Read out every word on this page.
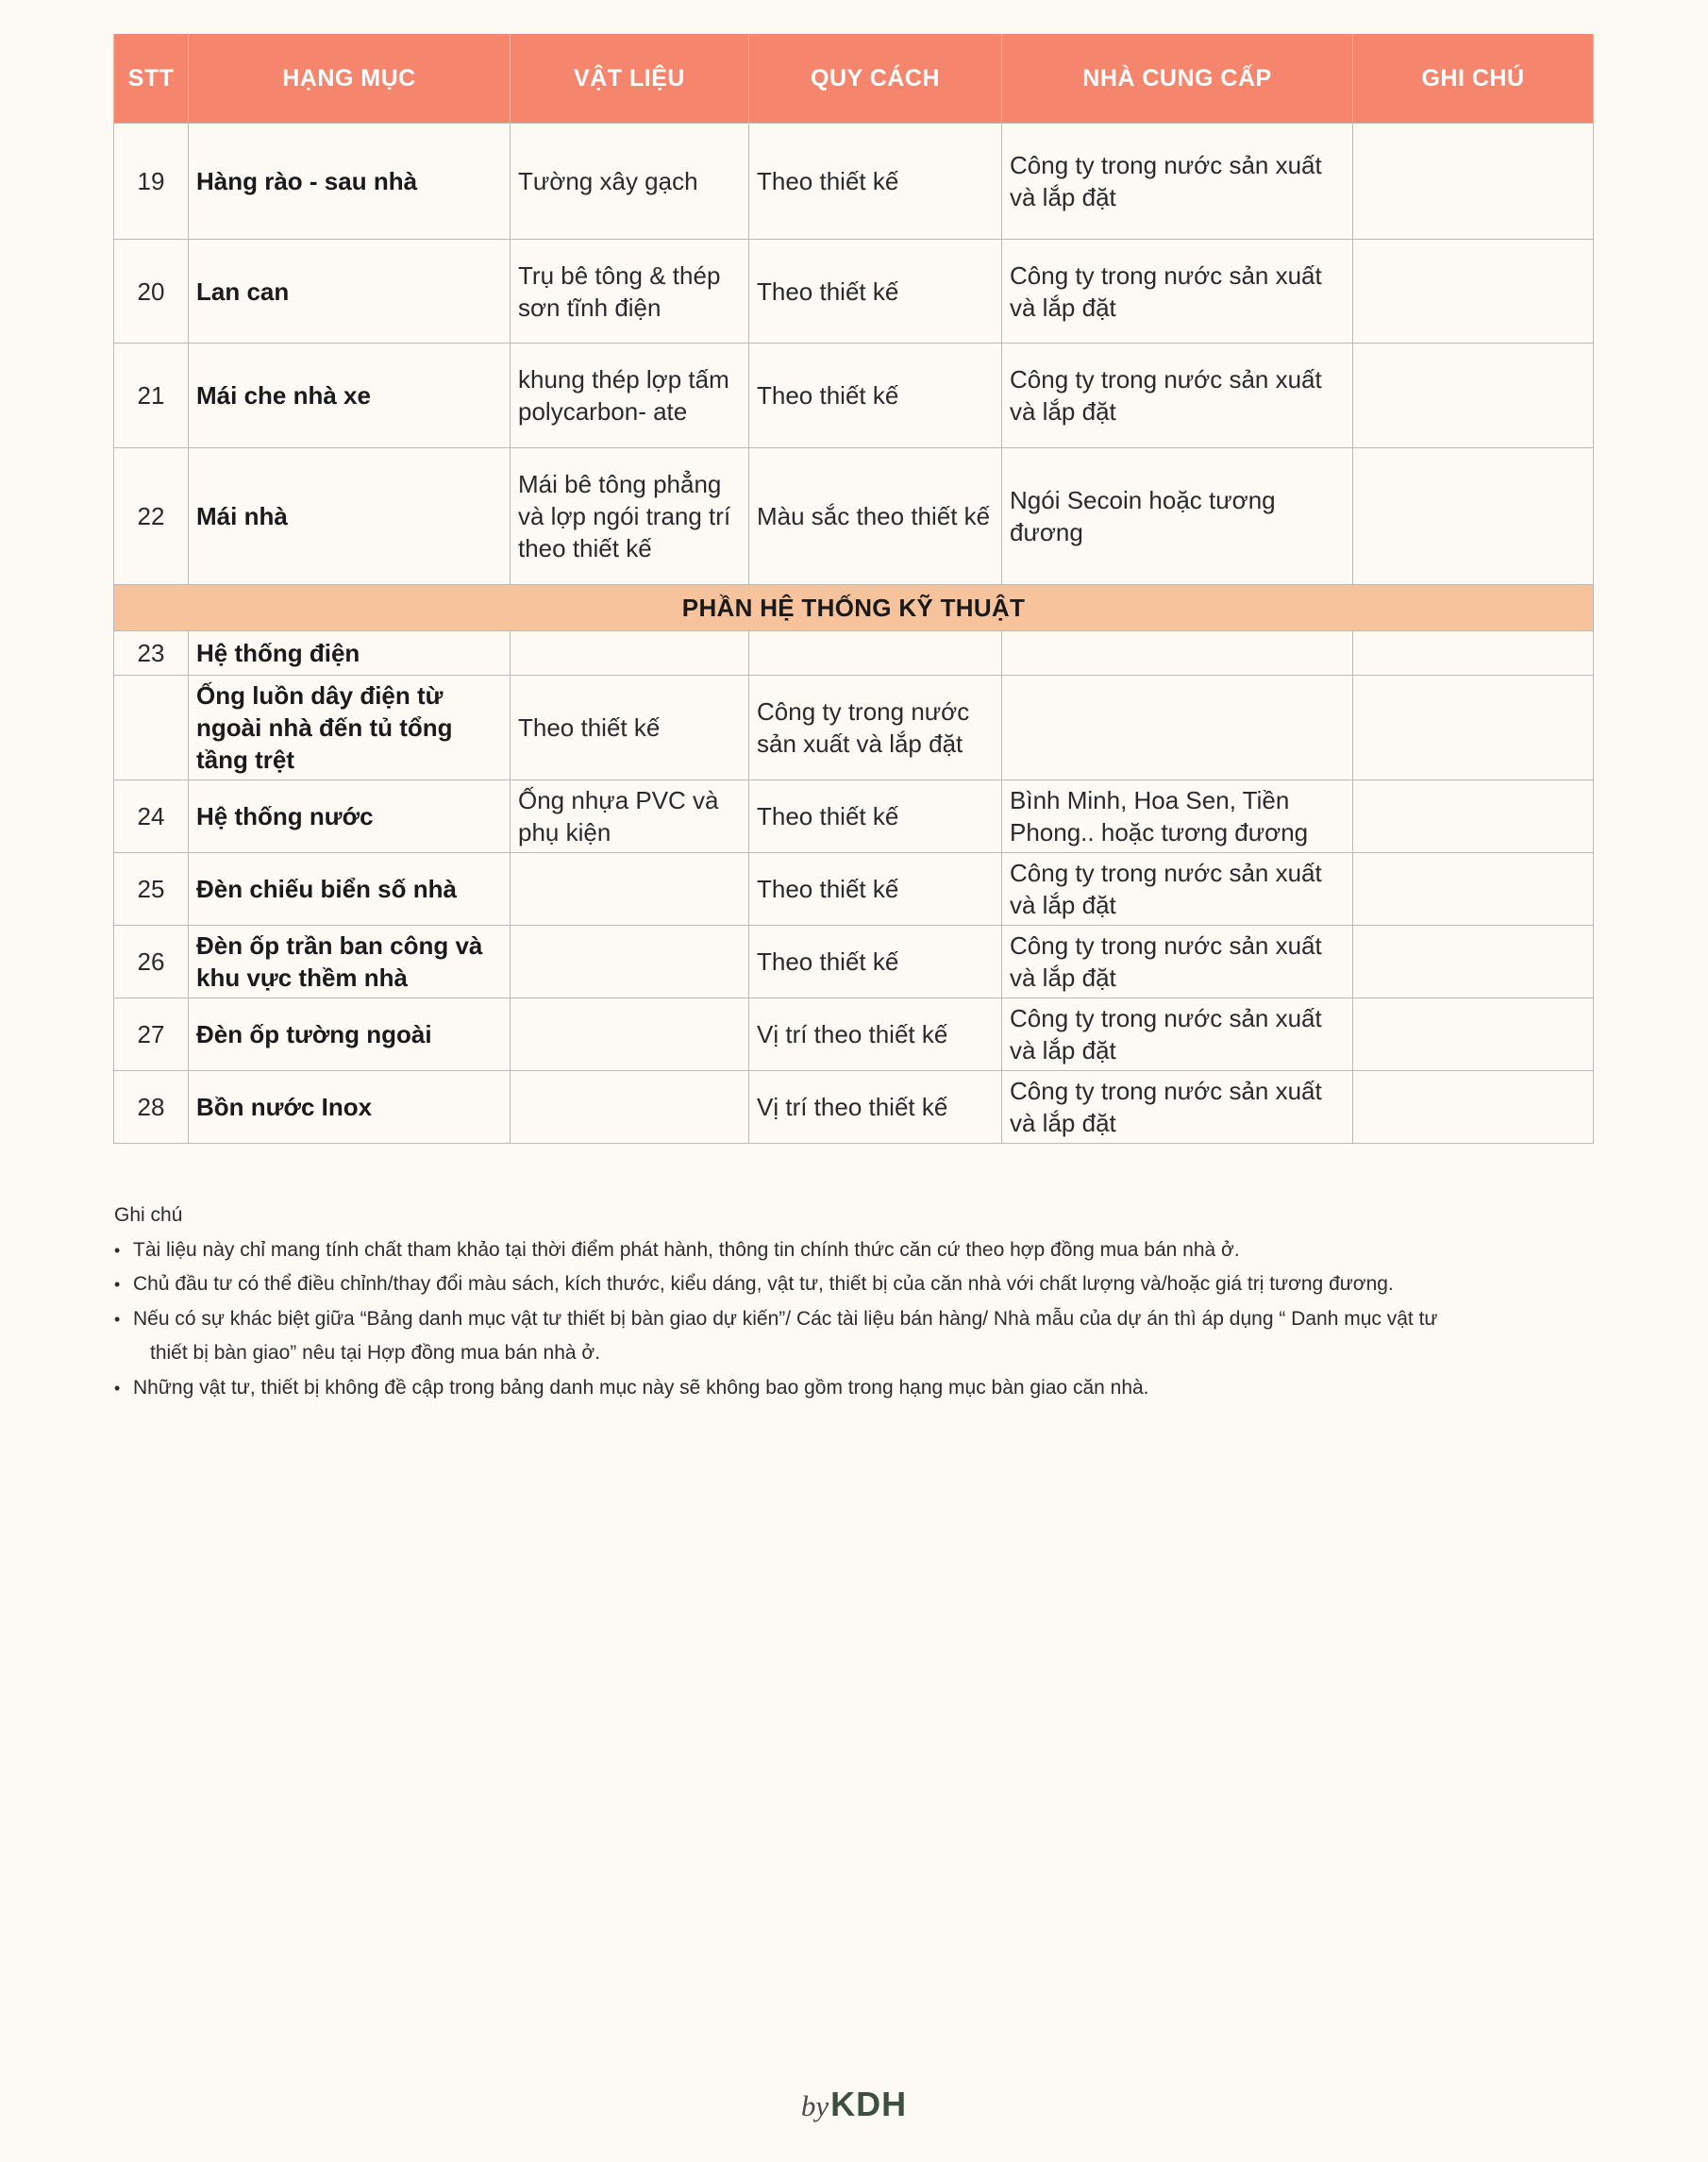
STT	HẠNG MỤC	VẬT LIỆU	QUY CÁCH	NHÀ CUNG CẤP	GHI CHÚ
19	Hàng rào - sau nhà	Tường xây gạch	Theo thiết kế	Công ty trong nước sản xuất và lắp đặt	
20	Lan can	Trụ bê tông & thép sơn tĩnh điện	Theo thiết kế	Công ty trong nước sản xuất và lắp đặt	
21	Mái che nhà xe	khung thép lợp tấm polycarbon- ate	Theo thiết kế	Công ty trong nước sản xuất và lắp đặt	
22	Mái nhà	Mái bê tông phẳng và lợp ngói trang trí theo thiết kế	Màu sắc theo thiết kế	Ngói Secoin hoặc tương đương	
PHẦN HỆ THỐNG KỸ THUẬT					
23	Hệ thống điện				
	Ống luồn dây điện từ ngoài nhà đến tủ tổng tầng trệt	Theo thiết kế	Công ty trong nước sản xuất và lắp đặt		
24	Hệ thống nước	Ống nhựa PVC và phụ kiện	Theo thiết kế	Bình Minh, Hoa Sen, Tiền Phong.. hoặc tương đương	
25	Đèn chiếu biển số nhà		Theo thiết kế	Công ty trong nước sản xuất và lắp đặt	
26	Đèn ốp trần ban công và khu vực thềm nhà		Theo thiết kế	Công ty trong nước sản xuất và lắp đặt	
27	Đèn ốp tường ngoài		Vị trí theo thiết kế	Công ty trong nước sản xuất và lắp đặt	
28	Bồn nước Inox		Vị trí theo thiết kế	Công ty trong nước sản xuất và lắp đặt	

Ghi chú

• Tài liệu này chỉ mang tính chất tham khảo tại thời điểm phát hành, thông tin chính thức căn cứ theo hợp đồng mua bán nhà ở.
• Chủ đầu tư có thể điều chỉnh/thay đổi màu sách, kích thước, kiểu dáng, vật tư, thiết bị của căn nhà với chất lượng và/hoặc giá trị tương đương.
• Nếu có sự khác biệt giữa “Bảng danh mục vật tư thiết bị bàn giao dự kiến”/ Các tài liệu bán hàng/ Nhà mẫu của dự án thì áp dụng “ Danh mục vật tư
thiết bị bàn giao” nêu tại Hợp đồng mua bán nhà ở.
• Những vật tư, thiết bị không đề cập trong bảng danh mục này sẽ không bao gồm trong hạng mục bàn giao căn nhà.
byKDH
